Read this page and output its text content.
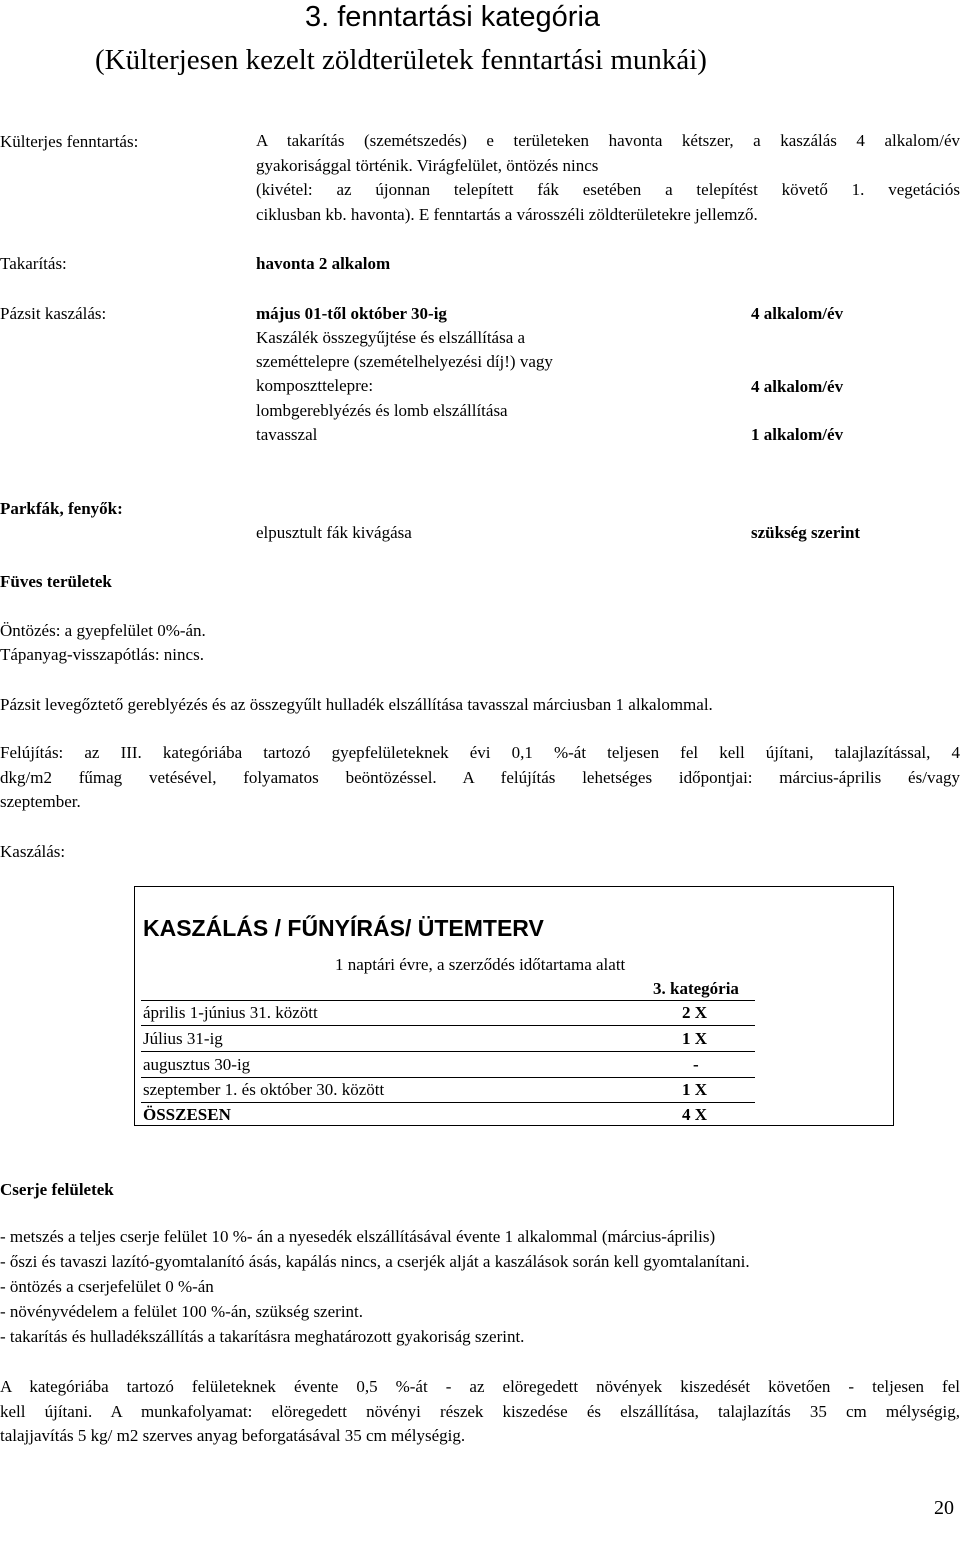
3. fenntartási kategória
(Külterjesen kezelt zöldterületek fenntartási munkái)
Külterjes fenntartás:	A takarítás (szemétszedés) e területeken havonta kétszer, a kaszálás 4 alkalom/év
gyakorisággal történik. Virágfelület, öntözés nincs
(kivétel: az újonnan telepített fák esetében a telepítést követő 1. vegetációs
ciklusban kb. havonta). E fenntartás a városszéli zöldterületekre jellemző.
Takarítás:	havonta 2 alkalom
Pázsit kaszálás:	május 01-től október 30-ig	4 alkalom/év
Kaszálék összegyűjtése és elszállítása a
szeméttelepre (szemételhelyezési díj!) vagy
komposzttelepre:	4 alkalom/év
lombgereblyézés és lomb elszállítása
tavasszal	1 alkalom/év
Parkfák, fenyők:
elpusztult fák kivágása	szükség szerint
Füves területek
Öntözés: a gyepfelület 0%-án.
Tápanyag-visszapótlás: nincs.
Pázsit levegőztető gereblyézés és az összegyűlt hulladék elszállítása tavasszal márciusban 1 alkalommal.
Felújítás: az III. kategóriába tartozó gyepfelületeknek évi 0,1 %-át teljesen fel kell újítani, talajlazítással, 4
dkg/m2 fűmag vetésével, folyamatos beöntözéssel. A felújítás lehetséges időpontjai: március-április és/vagy
szeptember.
Kaszálás:
KASZÁLÁS / FŰNYÍRÁS/ ÜTEMTERV
1 naptári évre, a szerződés időtartama alatt
3. kategória
április 1-június 31. között	2 X
Július 31-ig	1 X
augusztus 30-ig	-
szeptember 1. és október 30. között	1 X
ÖSSZESEN	4 X
Cserje felületek
- metszés a teljes cserje felület 10 %- án a nyesedék elszállításával évente 1 alkalommal (március-április)
- őszi és tavaszi lazító-gyomtalanító ásás, kapálás nincs, a cserjék alját a kaszálások során kell gyomtalanítani.
- öntözés a cserjefelület 0 %-án
- növényvédelem a felület 100 %-án, szükség szerint.
- takarítás és hulladékszállítás a takarításra meghatározott gyakoriság szerint.
A kategóriába tartozó felületeknek évente 0,5 %-át - az elöregedett növények kiszedését követően - teljesen fel
kell újítani. A munkafolyamat: elöregedett növényi részek kiszedése és elszállítása, talajlazítás 35 cm mélységig,
talajjavítás 5 kg/ m2 szerves anyag beforgatásával 35 cm mélységig.
20
